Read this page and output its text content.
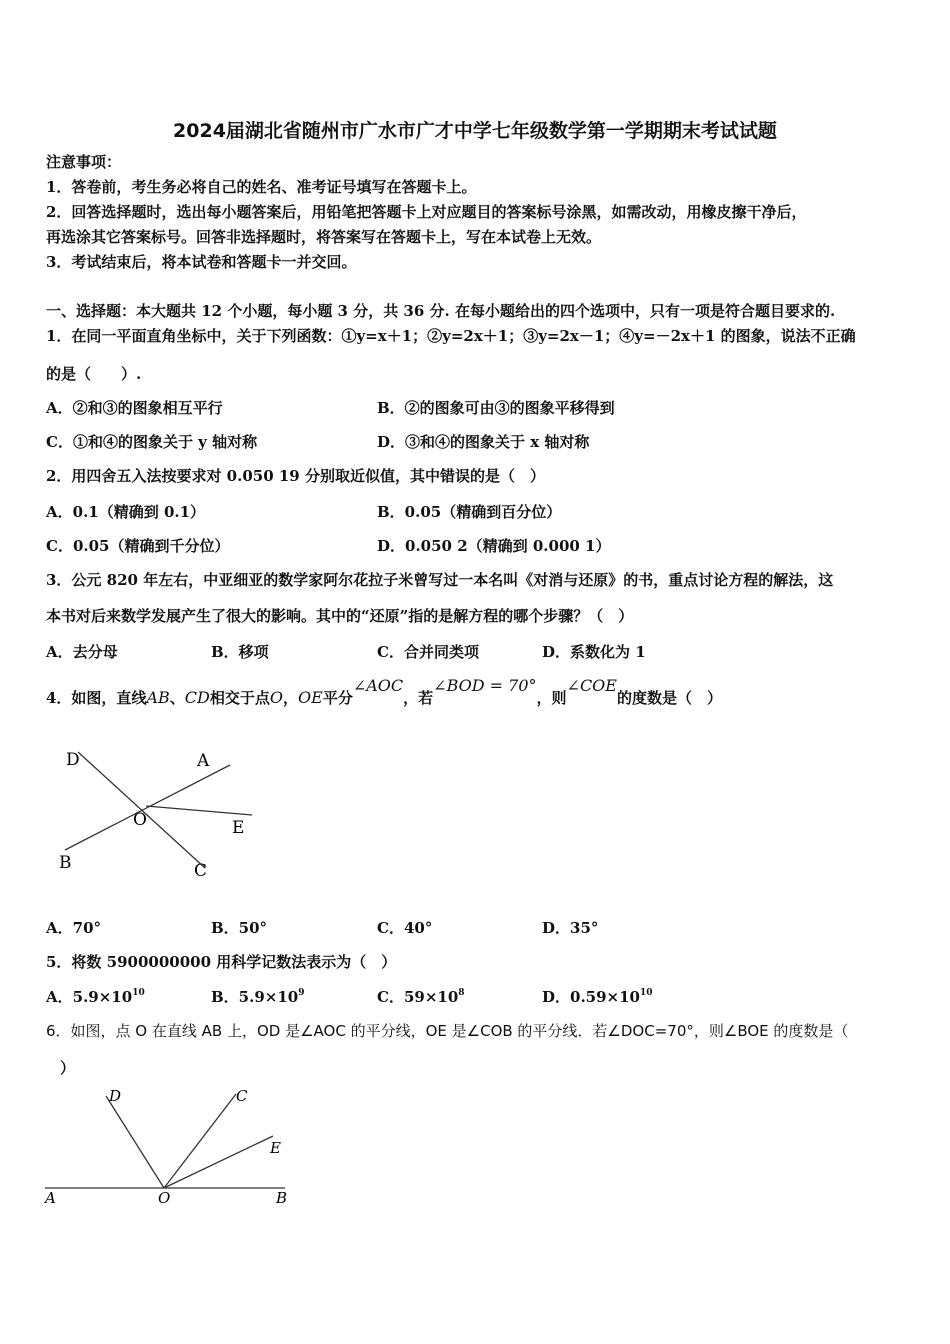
2024届湖北省随州市广水市广才中学七年级数学第一学期期末考试试题
注意事项：
1．答卷前，考生务必将自己的姓名、准考证号填写在答题卡上。
2．回答选择题时，选出每小题答案后，用铅笔把答题卡上对应题目的答案标号涂黑，如需改动，用橡皮擦干净后，
再选涂其它答案标号。回答非选择题时，将答案写在答题卡上，写在本试卷上无效。
3．考试结束后，将本试卷和答题卡一并交回。
一、选择题：本大题共 12 个小题，每小题 3 分，共 36 分. 在每小题给出的四个选项中，只有一项是符合题目要求的.
1．在同一平面直角坐标中，关于下列函数：①y=x＋1；②y=2x＋1；③y=2x－1；④y=－2x＋1 的图象，说法不正确
的是（　　）.
A．②和③的图象相互平行	B．②的图象可由③的图象平移得到
C．①和④的图象关于 y 轴对称	D．③和④的图象关于 x 轴对称
2．用四舍五入法按要求对 0.050 19 分别取近似值，其中错误的是（　）
A．0.1（精确到 0.1）	B．0.05（精确到百分位）
C．0.05（精确到千分位）	D．0.050 2（精确到 0.000 1）
3．公元 820 年左右，中亚细亚的数学家阿尔花拉子米曾写过一本名叫《对消与还原》的书，重点讨论方程的解法，这
本书对后来数学发展产生了很大的影响。其中的“还原”指的是解方程的哪个步骤？（　）
A．去分母	B．移项	C．合并同类项	D．系数化为 1
4．如图，直线AB、CD相交于点O，OE平分∠AOC，若∠BOD = 70°，则∠COE的度数是（　）
D	A
O	E
B	C
A．70°	B．50°	C．40°	D．35°
5．将数 5900000000 用科学记数法表示为（　）
A．$5.9\times 10^{10}$	B．$5.9\times 10^9$	C．$59\times 10^8$	D．$0.59\times 10^{10}$
6．如图，点 O 在直线 AB 上，OD 是∠AOC 的平分线，OE 是∠COB 的平分线．若∠DOC=70°，则∠BOE 的度数是（
）
D	C
E
A	O	B
